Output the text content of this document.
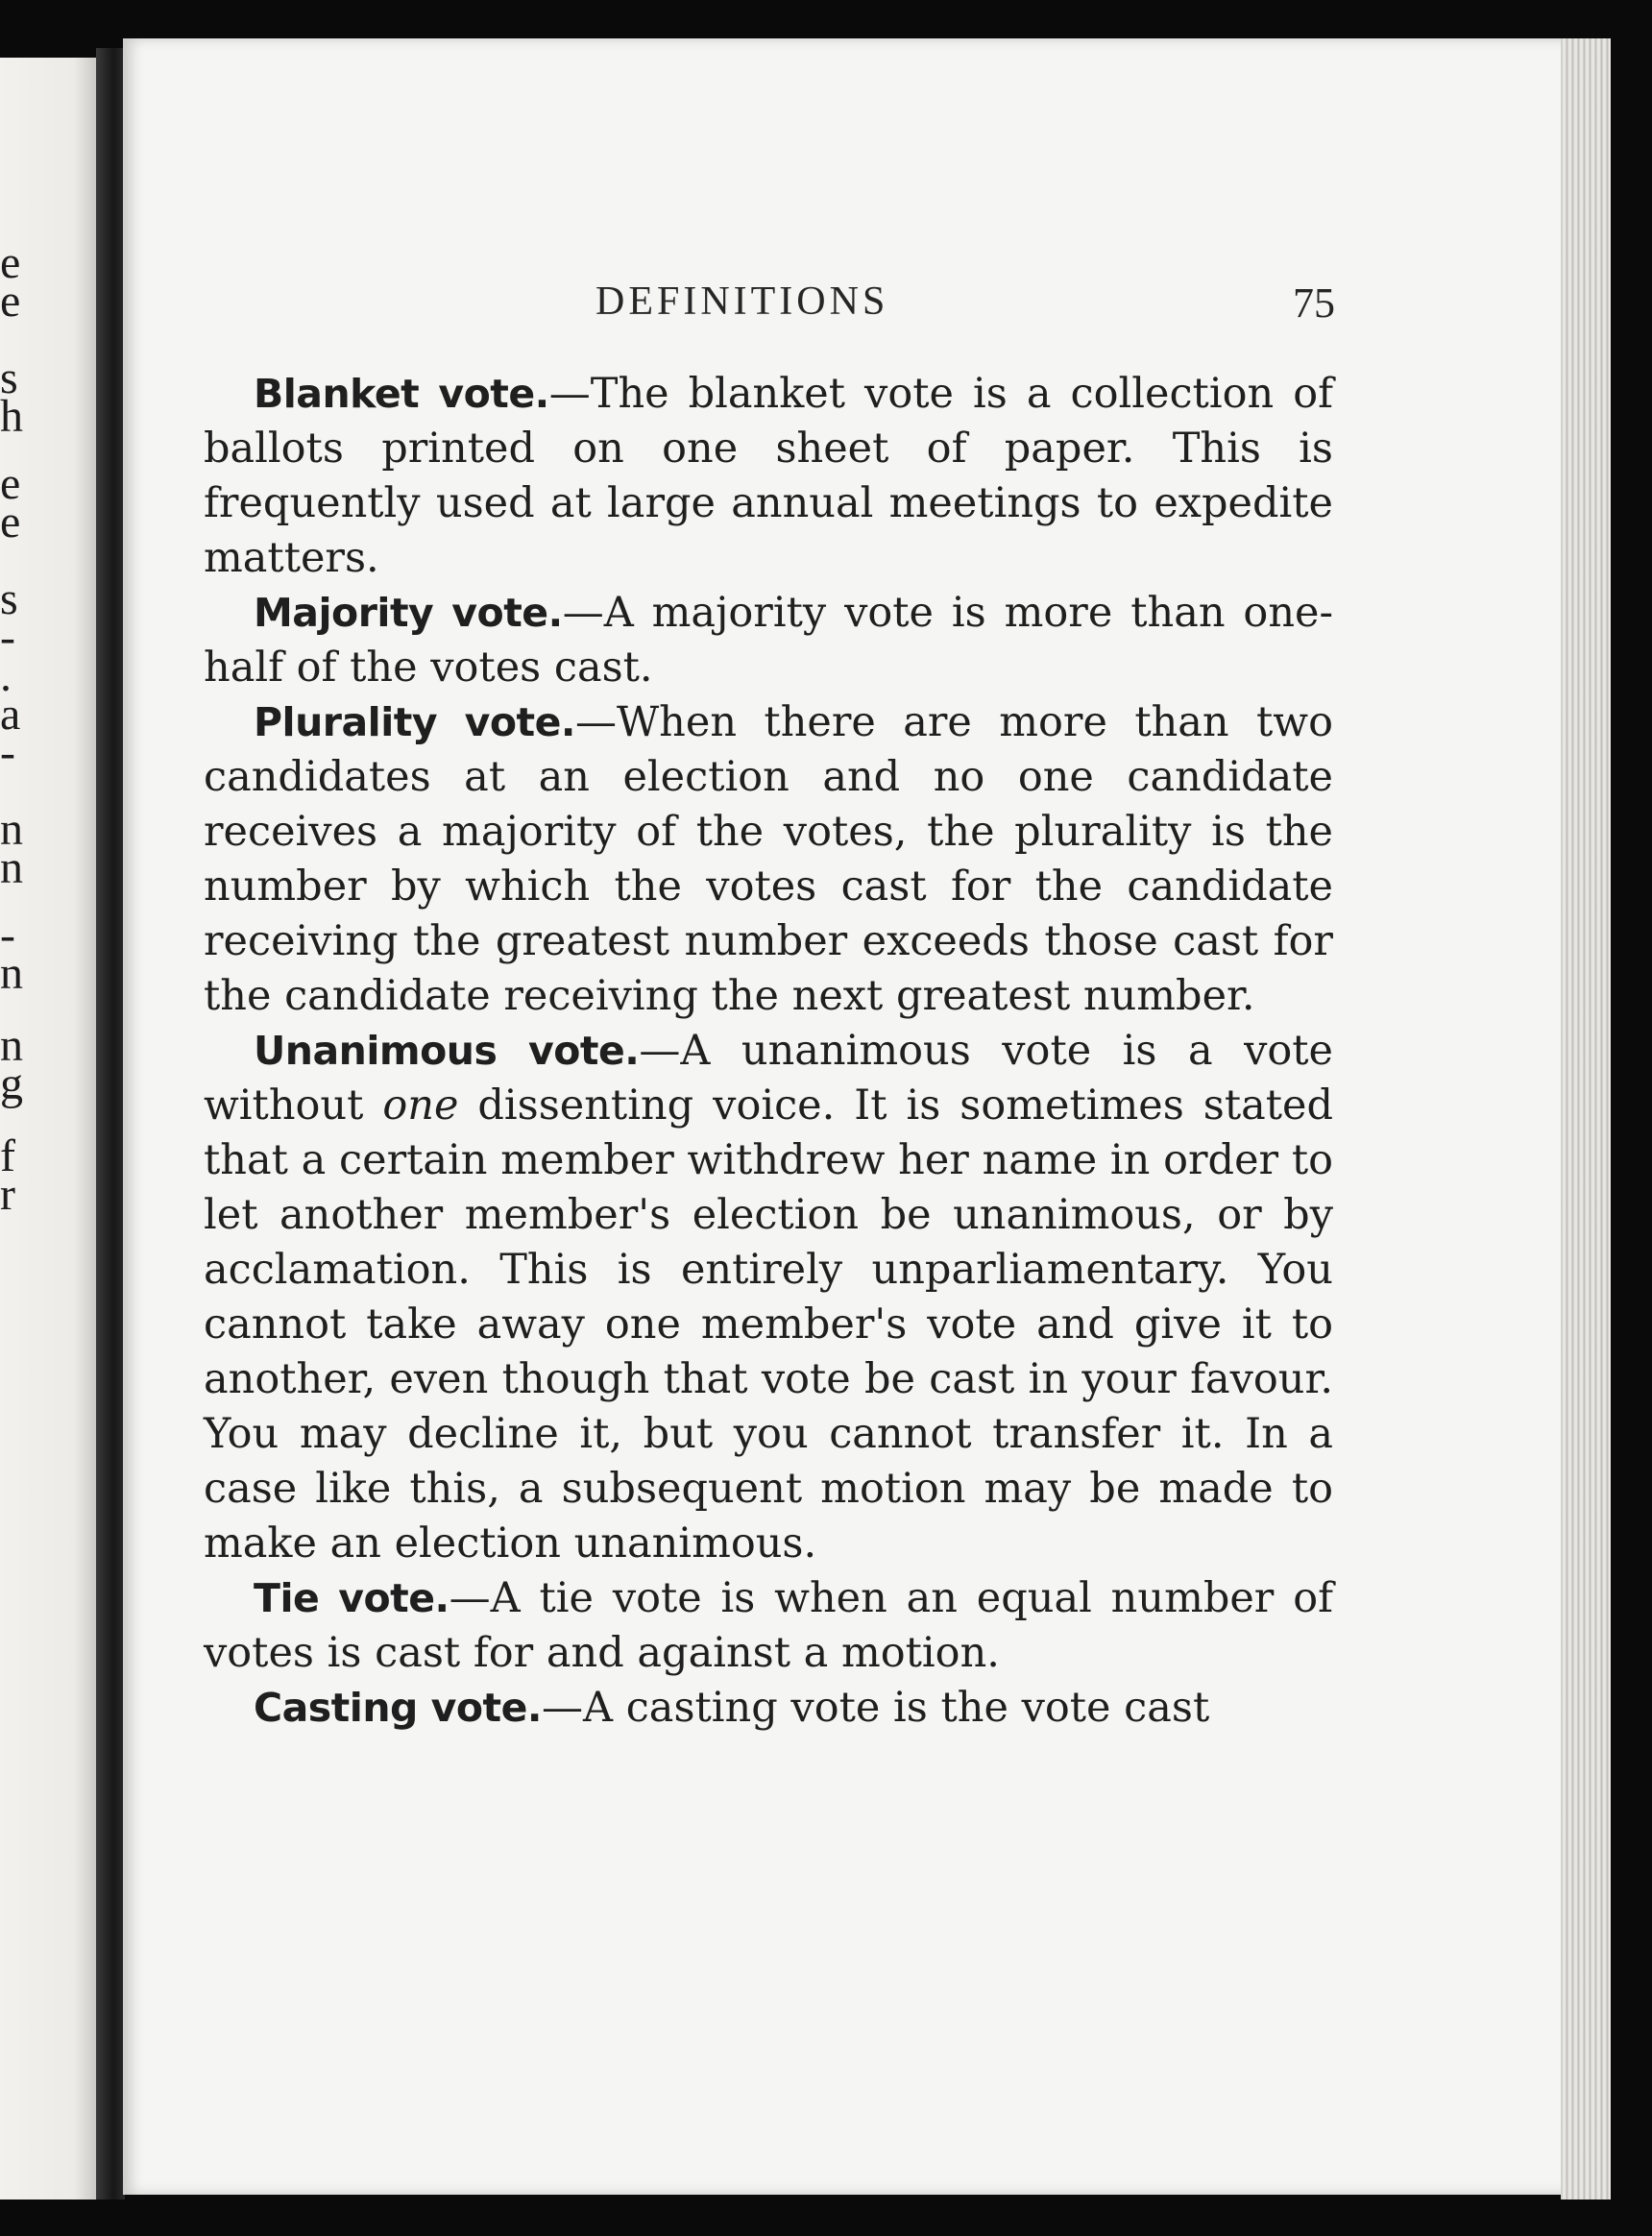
e
e
s
h
e
e
s
-
.
a
-
n
n
-
n
n
g
f
r
DEFINITIONS	75

Blanket vote.—The blanket vote is a collection of ballots printed on one sheet of paper. This is frequently used at large annual meetings to expedite matters.

Majority vote.—A majority vote is more than one-half of the votes cast.

Plurality vote.—When there are more than two candidates at an election and no one candidate receives a majority of the votes, the plurality is the number by which the votes cast for the candidate receiving the greatest number exceeds those cast for the candidate receiving the next greatest number.

Unanimous vote.—A unanimous vote is a vote without one dissenting voice. It is sometimes stated that a certain member withdrew her name in order to let another member's election be unanimous, or by acclamation. This is entirely unparliamentary. You cannot take away one member's vote and give it to another, even though that vote be cast in your favour. You may decline it, but you cannot transfer it. In a case like this, a subsequent motion may be made to make an election unanimous.

Tie vote.—A tie vote is when an equal number of votes is cast for and against a motion.

Casting vote.—A casting vote is the vote cast
